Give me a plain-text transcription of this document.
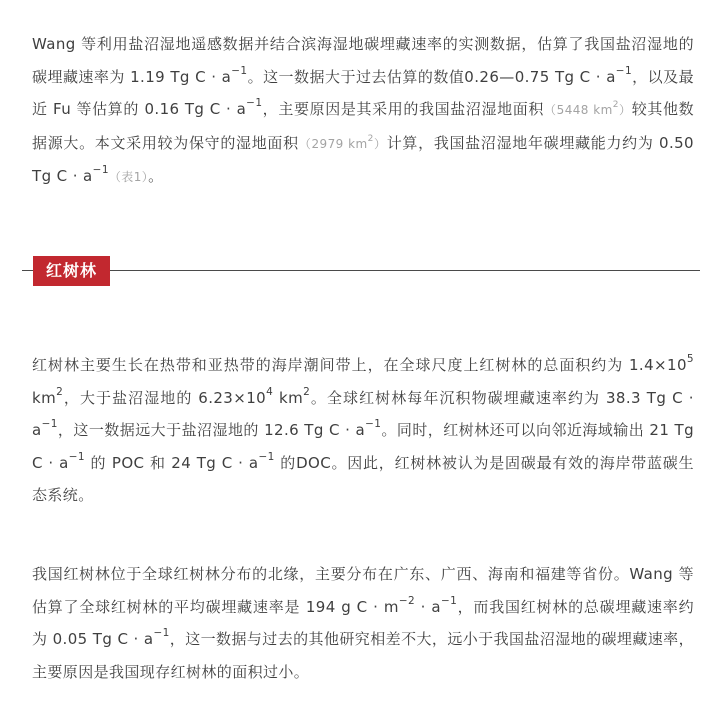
Wang 等利用盐沼湿地遥感数据并结合滨海湿地碳埋藏速率的实测数据，估算了我国盐沼湿地的碳埋藏速率为 1.19 Tg $C \cdot a^{-1}$。这一数据大于过去估算的数值0.26—0.75 Tg $C \cdot a^{-1}$，以及最近 Fu 等估算的 0.16 Tg $C \cdot a^{-1}$，主要原因是其采用的我国盐沼湿地面积（5448 $km^2$）较其他数据源大。本文采用较为保守的湿地面积（2979 $km^2$）计算，我国盐沼湿地年碳埋藏能力约为 0.50 Tg $C \cdot a^{-1}$（表1）。

红树林

红树林主要生长在热带和亚热带的海岸潮间带上，在全球尺度上红树林的总面积约为 $1.4\times 10^5$ $km^2$，大于盐沼湿地的 $6.23\times 10^4$ $km^2$。全球红树林每年沉积物碳埋藏速率约为 38.3 Tg $C \cdot a^{-1}$，这一数据远大于盐沼湿地的 12.6 Tg $C \cdot a^{-1}$。同时，红树林还可以向邻近海域输出 21 Tg $C \cdot a^{-1}$ 的 POC 和 24 Tg $C \cdot a^{-1}$ 的DOC。因此，红树林被认为是固碳最有效的海岸带蓝碳生态系统。

我国红树林位于全球红树林分布的北缘，主要分布在广东、广西、海南和福建等省份。Wang 等估算了全球红树林的平均碳埋藏速率是 194 g $C \cdot m^{-2} \cdot a^{-1}$，而我国红树林的总碳埋藏速率约为 0.05 Tg $C \cdot a^{-1}$，这一数据与过去的其他研究相差不大，远小于我国盐沼湿地的碳埋藏速率，主要原因是我国现存红树林的面积过小。
